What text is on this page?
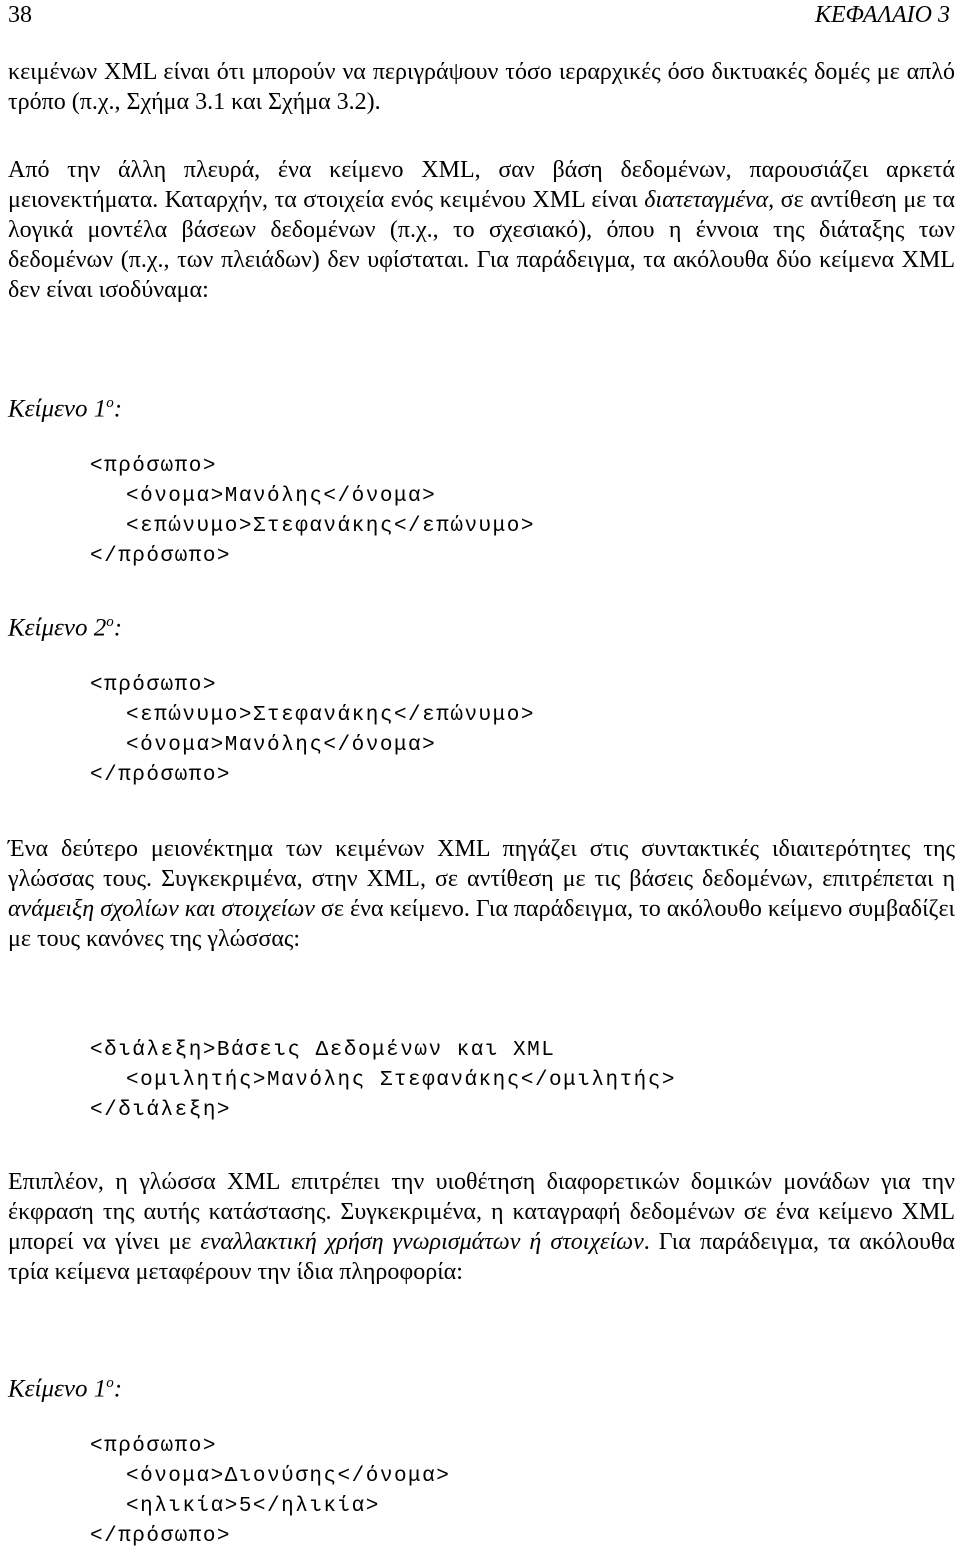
38	ΚΕΦΑΛΑΙΟ 3
κειμένων XML είναι ότι μπορούν να περιγράψουν τόσο ιεραρχικές όσο δικτυακές δομές με απλό τρόπο (π.χ., Σχήμα 3.1 και Σχήμα 3.2).
Από την άλλη πλευρά, ένα κείμενο XML, σαν βάση δεδομένων, παρουσιάζει αρκετά μειονεκτήματα. Καταρχήν, τα στοιχεία ενός κειμένου XML είναι διατεταγμένα, σε αντίθεση με τα λογικά μοντέλα βάσεων δεδομένων (π.χ., το σχεσιακό), όπου η έννοια της διάταξης των δεδομένων (π.χ., των πλειάδων) δεν υφίσταται. Για παράδειγμα, τα ακόλουθα δύο κείμενα XML δεν είναι ισοδύναμα:
Κείμενο $1^o$:
<πρόσωπο>
<όνομα>Μανόλης</όνομα>
<επώνυμο>Στεφανάκης</επώνυμο>
</πρόσωπο>
Κείμενο $2^o$:
<πρόσωπο>
<επώνυμο>Στεφανάκης</επώνυμο>
<όνομα>Μανόλης</όνομα>
</πρόσωπο>
Ένα δεύτερο μειονέκτημα των κειμένων XML πηγάζει στις συντακτικές ιδιαιτερότητες της γλώσσας τους. Συγκεκριμένα, στην XML, σε αντίθεση με τις βάσεις δεδομένων, επιτρέπεται η ανάμειξη σχολίων και στοιχείων σε ένα κείμενο. Για παράδειγμα, το ακόλουθο κείμενο συμβαδίζει με τους κανόνες της γλώσσας:
<διάλεξη>Βάσεις Δεδομένων και XML
<ομιλητής>Μανόλης Στεφανάκης</ομιλητής>
</διάλεξη>
Επιπλέον, η γλώσσα XML επιτρέπει την υιοθέτηση διαφορετικών δομικών μονάδων για την έκφραση της αυτής κατάστασης. Συγκεκριμένα, η καταγραφή δεδομένων σε ένα κείμενο XML μπορεί να γίνει με εναλλακτική χρήση γνωρισμάτων ή στοιχείων. Για παράδειγμα, τα ακόλουθα τρία κείμενα μεταφέρουν την ίδια πληροφορία:
Κείμενο $1^o$:
<πρόσωπο>
<όνομα>Διονύσης</όνομα>
<ηλικία>5</ηλικία>
</πρόσωπο>
